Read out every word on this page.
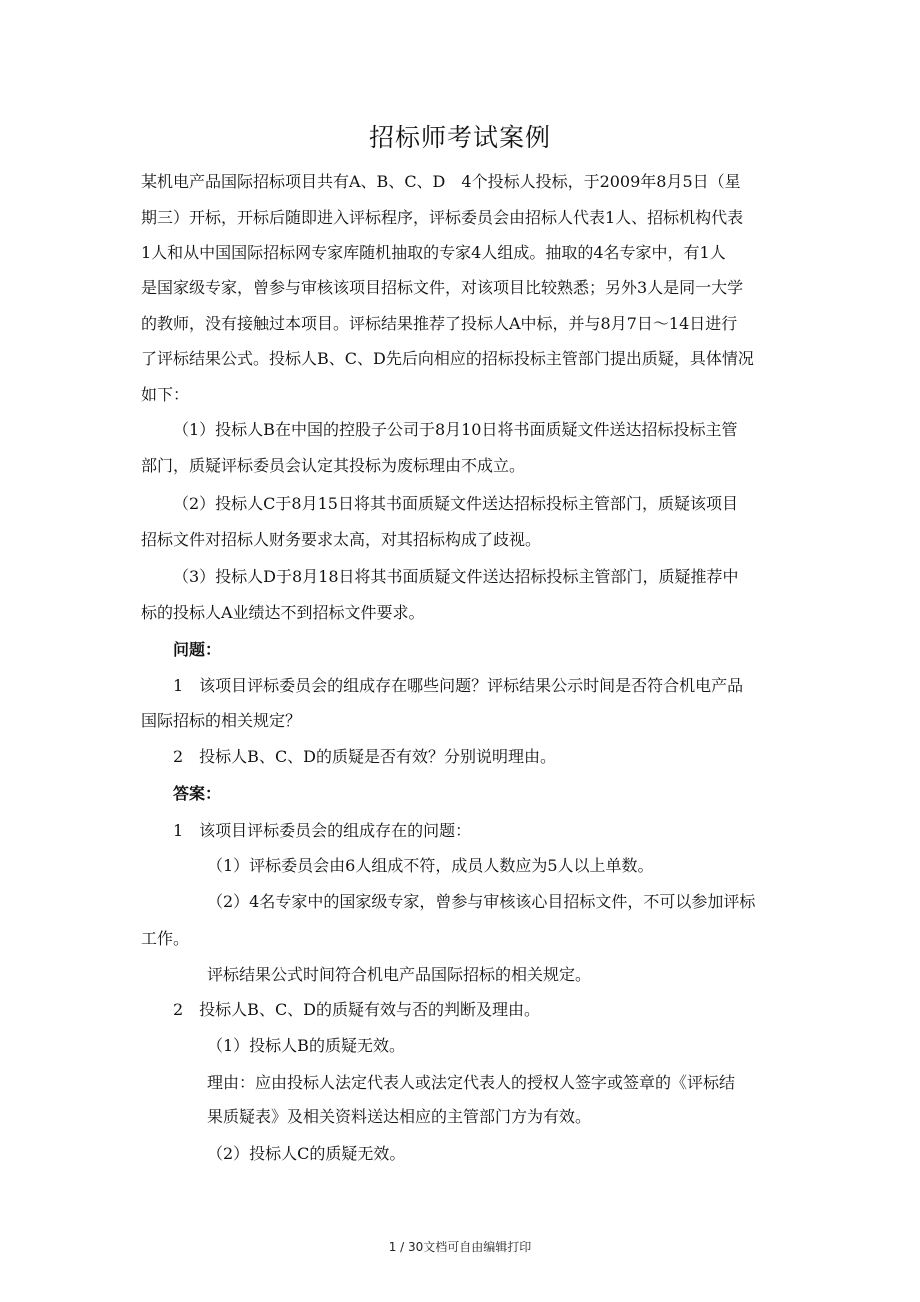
招标师考试案例
某机电产品国际招标项目共有A、B、C、D　4个投标人投标，于2009年8月5日（星
期三）开标，开标后随即进入评标程序，评标委员会由招标人代表1人、招标机构代表
1人和从中国国际招标网专家库随机抽取的专家4人组成。抽取的4名专家中，有1人
是国家级专家，曾参与审核该项目招标文件，对该项目比较熟悉；另外3人是同一大学
的教师，没有接触过本项目。评标结果推荐了投标人A中标，并与8月7日～14日进行
了评标结果公式。投标人B、C、D先后向相应的招标投标主管部门提出质疑，具体情况
如下：
（1）投标人B在中国的控股子公司于8月10日将书面质疑文件送达招标投标主管
部门，质疑评标委员会认定其投标为废标理由不成立。
（2）投标人C于8月15日将其书面质疑文件送达招标投标主管部门，质疑该项目
招标文件对招标人财务要求太高，对其招标构成了歧视。
（3）投标人D于8月18日将其书面质疑文件送达招标投标主管部门，质疑推荐中
标的投标人A业绩达不到招标文件要求。
问题：
1　该项目评标委员会的组成存在哪些问题？评标结果公示时间是否符合机电产品
国际招标的相关规定？
2　投标人B、C、D的质疑是否有效？分别说明理由。
答案：
1　该项目评标委员会的组成存在的问题：
（1）评标委员会由6人组成不符，成员人数应为5人以上单数。
（2）4名专家中的国家级专家，曾参与审核该心目招标文件，不可以参加评标
工作。
评标结果公式时间符合机电产品国际招标的相关规定。
2　投标人B、C、D的质疑有效与否的判断及理由。
（1）投标人B的质疑无效。
理由：应由投标人法定代表人或法定代表人的授权人签字或签章的《评标结
果质疑表》及相关资料送达相应的主管部门方为有效。
（2）投标人C的质疑无效。
1 / 30文档可自由编辑打印
